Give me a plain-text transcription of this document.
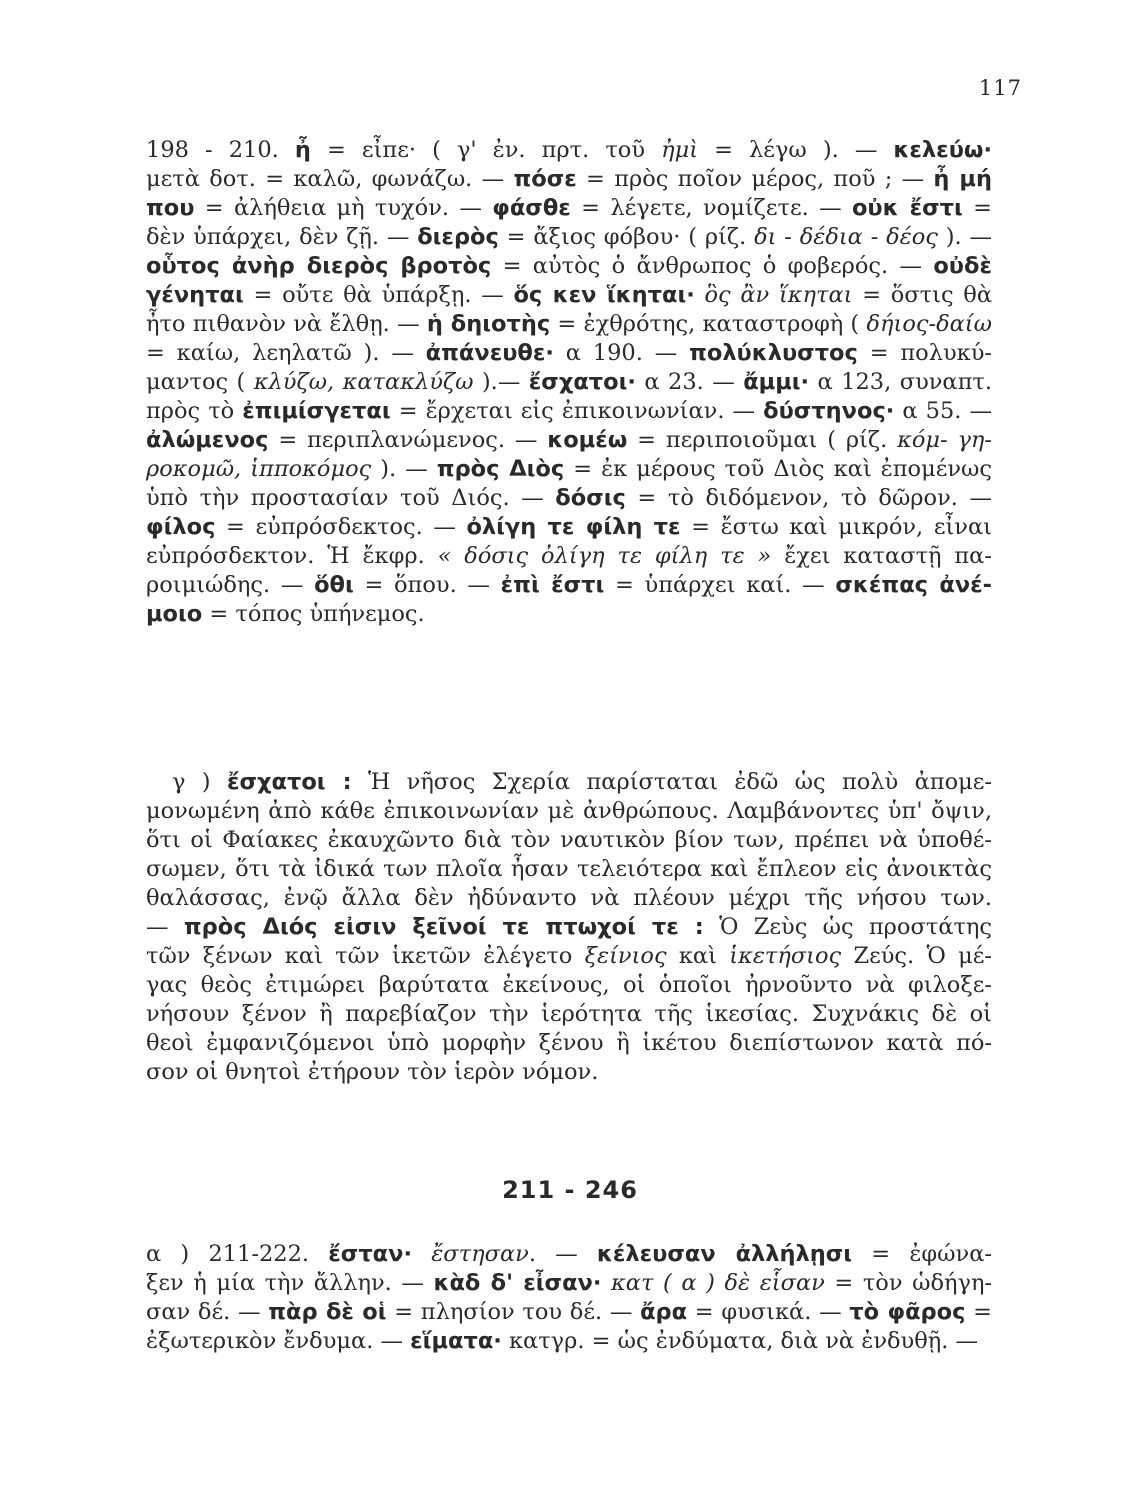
117
198 - 210. ἦ = εἶπε· ( γ' ἐν. πρτ. τοῦ ἠμὶ = λέγω ). — κελεύω·
μετὰ δοτ. = καλῶ, φωνάζω. — πόσε = πρὸς ποῖον μέρος, ποῦ ; — ἦ μή
που = ἀλήθεια μὴ τυχόν. — φάσθε = λέγετε, νομίζετε. — οὐκ ἔστι =
δὲν ὑπάρχει, δὲν ζῇ. — διερὸς = ἄξιος φόβου· ( ρίζ. δι - δέδια - δέος ). —
οὗτος ἀνὴρ διερὸς βροτὸς = αὐτὸς ὁ ἄνθρωπος ὁ φοβερός. — οὐδὲ
γένηται = οὔτε θὰ ὑπάρξῃ. — ὅς κεν ἵκηται· ὃς ἂν ἵκηται = ὅστις θὰ
ἦτο πιθανὸν νὰ ἔλθῃ. — ἡ δηιοτὴς = ἐχθρότης, καταστροφὴ ( δήιος-δαίω
= καίω, λεηλατῶ ). — ἀπάνευθε· α 190. — πολύκλυστος = πολυκύ-
μαντος ( κλύζω, κατακλύζω ).— ἔσχατοι· α 23. — ἄμμι· α 123, συναπτ.
πρὸς τὸ ἐπιμίσγεται = ἔρχεται εἰς ἐπικοινωνίαν. — δύστηνος· α 55. —
ἀλώμενος = περιπλανώμενος. — κομέω = περιποιοῦμαι ( ρίζ. κόμ- γη-
ροκομῶ, ἱπποκόμος ). — πρὸς Διὸς = ἐκ μέρους τοῦ Διὸς καὶ ἐπομένως
ὑπὸ τὴν προστασίαν τοῦ Διός. — δόσις = τὸ διδόμενον, τὸ δῶρον. —
φίλος = εὐπρόσδεκτος. — ὀλίγη τε φίλη τε = ἔστω καὶ μικρόν, εἶναι
εὐπρόσδεκτον. Ἡ ἔκφρ. « δόσις ὀλίγη τε φίλη τε » ἔχει καταστῇ πα-
ροιμιώδης. — ὅθι = ὅπου. — ἐπὶ ἔστι = ὑπάρχει καί. — σκέπας ἀνέ-
μοιο = τόπος ὑπήνεμος.
γ ) ἔσχατοι : Ἡ νῆσος Σχερία παρίσταται ἐδῶ ὡς πολὺ ἀπομε-
μονωμένη ἀπὸ κάθε ἐπικοινωνίαν μὲ ἀνθρώπους. Λαμβάνοντες ὑπ' ὄψιν,
ὅτι οἱ Φαίακες ἐκαυχῶντο διὰ τὸν ναυτικὸν βίον των, πρέπει νὰ ὑποθέ-
σωμεν, ὅτι τὰ ἰδικά των πλοῖα ἦσαν τελειότερα καὶ ἔπλεον εἰς ἀνοικτὰς
θαλάσσας, ἐνῷ ἄλλα δὲν ἠδύναντο νὰ πλέουν μέχρι τῆς νήσου των.
— πρὸς Διός εἰσιν ξεῖνοί τε πτωχοί τε : Ὁ Ζεὺς ὡς προστάτης
τῶν ξένων καὶ τῶν ἱκετῶν ἐλέγετο ξείνιος καὶ ἱκετήσιος Ζεύς. Ὁ μέ-
γας θεὸς ἐτιμώρει βαρύτατα ἐκείνους, οἱ ὁποῖοι ἠρνοῦντο νὰ φιλοξε-
νήσουν ξένον ἢ παρεβίαζον τὴν ἱερότητα τῆς ἱκεσίας. Συχνάκις δὲ οἱ
θεοὶ ἐμφανιζόμενοι ὑπὸ μορφὴν ξένου ἢ ἱκέτου διεπίστωνον κατὰ πό-
σον οἱ θνητοὶ ἐτήρουν τὸν ἱερὸν νόμον.
211 - 246
α ) 211-222. ἔσταν· ἔστησαν. — κέλευσαν ἀλλήλῃσι = ἐφώνα-
ξεν ἡ μία τὴν ἄλλην. — κὰδ δ' εἶσαν· κατ ( α ) δὲ εἷσαν = τὸν ὡδήγη-
σαν δέ. — πὰρ δὲ οἱ = πλησίον του δέ. — ἄρα = φυσικά. — τὸ φᾶρος =
ἐξωτερικὸν ἔνδυμα. — εἵματα· κατγρ. = ὡς ἐνδύματα, διὰ νὰ ἐνδυθῇ. —
